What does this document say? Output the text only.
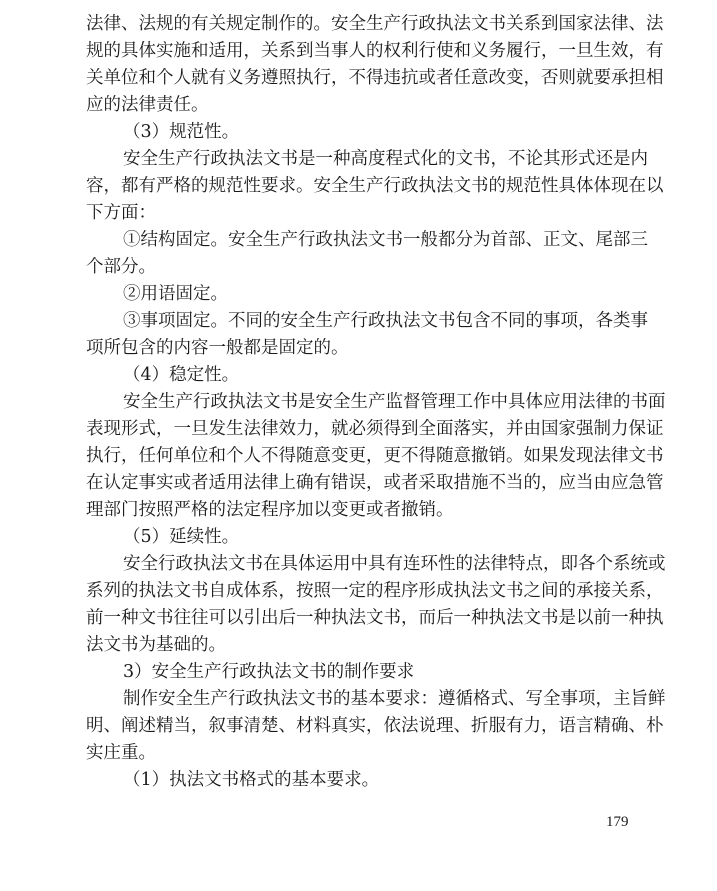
法律、法规的有关规定制作的。安全生产行政执法文书关系到国家法律、法
规的具体实施和适用，关系到当事人的权利行使和义务履行，一旦生效，有
关单位和个人就有义务遵照执行，不得违抗或者任意改变，否则就要承担相
应的法律责任。
（3）规范性。
安全生产行政执法文书是一种高度程式化的文书，不论其形式还是内
容，都有严格的规范性要求。安全生产行政执法文书的规范性具体体现在以
下方面：
①结构固定。安全生产行政执法文书一般都分为首部、正文、尾部三
个部分。
②用语固定。
③事项固定。不同的安全生产行政执法文书包含不同的事项，各类事
项所包含的内容一般都是固定的。
（4）稳定性。
安全生产行政执法文书是安全生产监督管理工作中具体应用法律的书面
表现形式，一旦发生法律效力，就必须得到全面落实，并由国家强制力保证
执行，任何单位和个人不得随意变更，更不得随意撤销。如果发现法律文书
在认定事实或者适用法律上确有错误，或者采取措施不当的，应当由应急管
理部门按照严格的法定程序加以变更或者撤销。
（5）延续性。
安全行政执法文书在具体运用中具有连环性的法律特点，即各个系统或
系列的执法文书自成体系，按照一定的程序形成执法文书之间的承接关系，
前一种文书往往可以引出后一种执法文书，而后一种执法文书是以前一种执
法文书为基础的。
3）安全生产行政执法文书的制作要求
制作安全生产行政执法文书的基本要求：遵循格式、写全事项，主旨鲜
明、阐述精当，叙事清楚、材料真实，依法说理、折服有力，语言精确、朴
实庄重。
（1）执法文书格式的基本要求。
179
